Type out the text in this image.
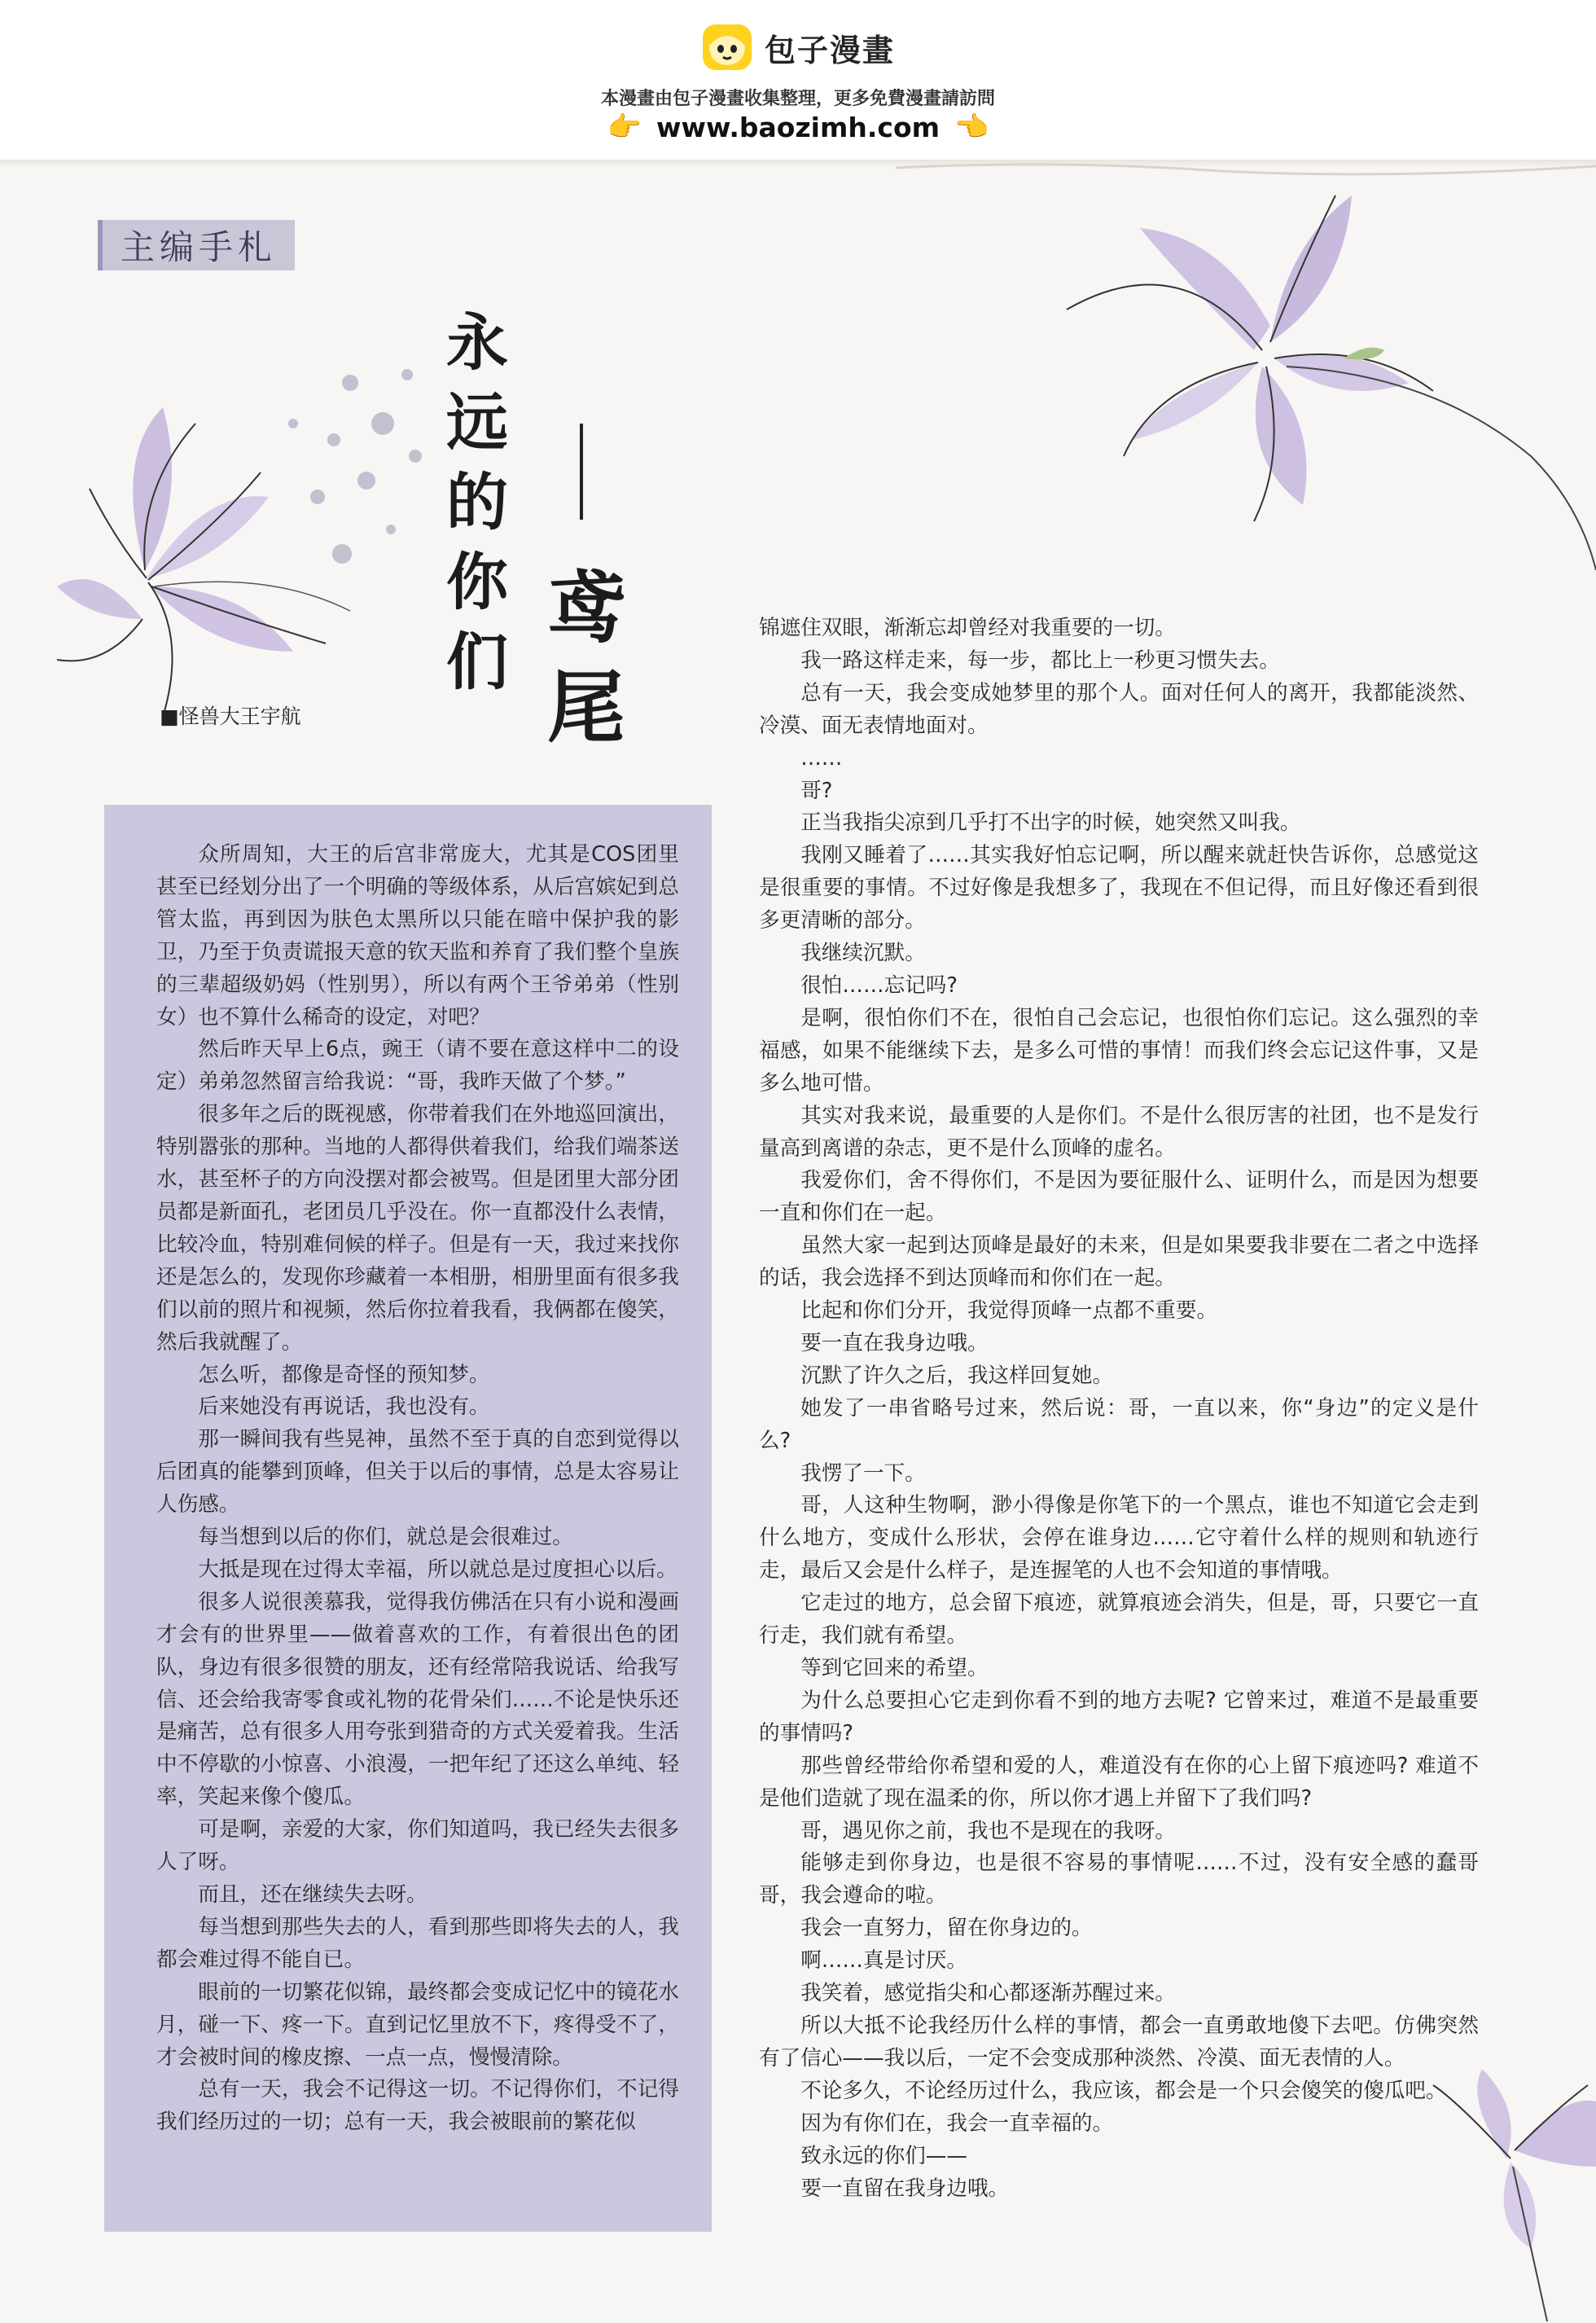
包子漫畫
本漫畫由包子漫畫收集整理，更多免費漫畫請訪問
👉 www.baozimh.com 👈
主编手札
永远的你们
鸢尾
■怪兽大王宇航

众所周知，大王的后宫非常庞大，尤其是COS团里甚至已经划分出了一个明确的等级体系，从后宫嫔妃到总管太监，再到因为肤色太黑所以只能在暗中保护我的影卫，乃至于负责谎报天意的钦天监和养育了我们整个皇族的三辈超级奶妈（性别男），所以有两个王爷弟弟（性别女）也不算什么稀奇的设定，对吧？

然后昨天早上6点，豌王（请不要在意这样中二的设定）弟弟忽然留言给我说：“哥，我昨天做了个梦。”

很多年之后的既视感，你带着我们在外地巡回演出，特别嚣张的那种。当地的人都得供着我们，给我们端茶送水，甚至杯子的方向没摆对都会被骂。但是团里大部分团员都是新面孔，老团员几乎没在。你一直都没什么表情，比较冷血，特别难伺候的样子。但是有一天，我过来找你还是怎么的，发现你珍藏着一本相册，相册里面有很多我们以前的照片和视频，然后你拉着我看，我俩都在傻笑，然后我就醒了。

怎么听，都像是奇怪的预知梦。

后来她没有再说话，我也没有。

那一瞬间我有些晃神，虽然不至于真的自恋到觉得以后团真的能攀到顶峰，但关于以后的事情，总是太容易让人伤感。

每当想到以后的你们，就总是会很难过。

大抵是现在过得太幸福，所以就总是过度担心以后。

很多人说很羡慕我，觉得我仿佛活在只有小说和漫画才会有的世界里——做着喜欢的工作，有着很出色的团队，身边有很多很赞的朋友，还有经常陪我说话、给我写信、还会给我寄零食或礼物的花骨朵们……不论是快乐还是痛苦，总有很多人用夸张到猎奇的方式关爱着我。生活中不停歇的小惊喜、小浪漫，一把年纪了还这么单纯、轻率，笑起来像个傻瓜。

可是啊，亲爱的大家，你们知道吗，我已经失去很多人了呀。

而且，还在继续失去呀。

每当想到那些失去的人，看到那些即将失去的人，我都会难过得不能自已。

眼前的一切繁花似锦，最终都会变成记忆中的镜花水月，碰一下、疼一下。直到记忆里放不下，疼得受不了，才会被时间的橡皮擦、一点一点，慢慢清除。

总有一天，我会不记得这一切。不记得你们，不记得我们经历过的一切；总有一天，我会被眼前的繁花似

锦遮住双眼，渐渐忘却曾经对我重要的一切。

我一路这样走来，每一步，都比上一秒更习惯失去。

总有一天，我会变成她梦里的那个人。面对任何人的离开，我都能淡然、冷漠、面无表情地面对。

……

哥?

正当我指尖凉到几乎打不出字的时候，她突然又叫我。

我刚又睡着了……其实我好怕忘记啊，所以醒来就赶快告诉你，总感觉这是很重要的事情。不过好像是我想多了，我现在不但记得，而且好像还看到很多更清晰的部分。

我继续沉默。

很怕……忘记吗?

是啊，很怕你们不在，很怕自己会忘记，也很怕你们忘记。这么强烈的幸福感，如果不能继续下去，是多么可惜的事情！而我们终会忘记这件事，又是多么地可惜。

其实对我来说，最重要的人是你们。不是什么很厉害的社团，也不是发行量高到离谱的杂志，更不是什么顶峰的虚名。

我爱你们，舍不得你们，不是因为要征服什么、证明什么，而是因为想要一直和你们在一起。

虽然大家一起到达顶峰是最好的未来，但是如果要我非要在二者之中选择的话，我会选择不到达顶峰而和你们在一起。

比起和你们分开，我觉得顶峰一点都不重要。

要一直在我身边哦。

沉默了许久之后，我这样回复她。

她发了一串省略号过来，然后说：哥，一直以来，你“身边”的定义是什么?

我愣了一下。

哥，人这种生物啊，渺小得像是你笔下的一个黑点，谁也不知道它会走到什么地方，变成什么形状，会停在谁身边……它守着什么样的规则和轨迹行走，最后又会是什么样子，是连握笔的人也不会知道的事情哦。

它走过的地方，总会留下痕迹，就算痕迹会消失，但是，哥，只要它一直行走，我们就有希望。

等到它回来的希望。

为什么总要担心它走到你看不到的地方去呢? 它曾来过，难道不是最重要的事情吗?

那些曾经带给你希望和爱的人，难道没有在你的心上留下痕迹吗? 难道不是他们造就了现在温柔的你，所以你才遇上并留下了我们吗?

哥，遇见你之前，我也不是现在的我呀。

能够走到你身边，也是很不容易的事情呢……不过，没有安全感的蠢哥哥，我会遵命的啦。

我会一直努力，留在你身边的。

啊……真是讨厌。

我笑着，感觉指尖和心都逐渐苏醒过来。

所以大抵不论我经历什么样的事情，都会一直勇敢地傻下去吧。仿佛突然有了信心——我以后，一定不会变成那种淡然、冷漠、面无表情的人。

不论多久，不论经历过什么，我应该，都会是一个只会傻笑的傻瓜吧。

因为有你们在，我会一直幸福的。

致永远的你们——

要一直留在我身边哦。
